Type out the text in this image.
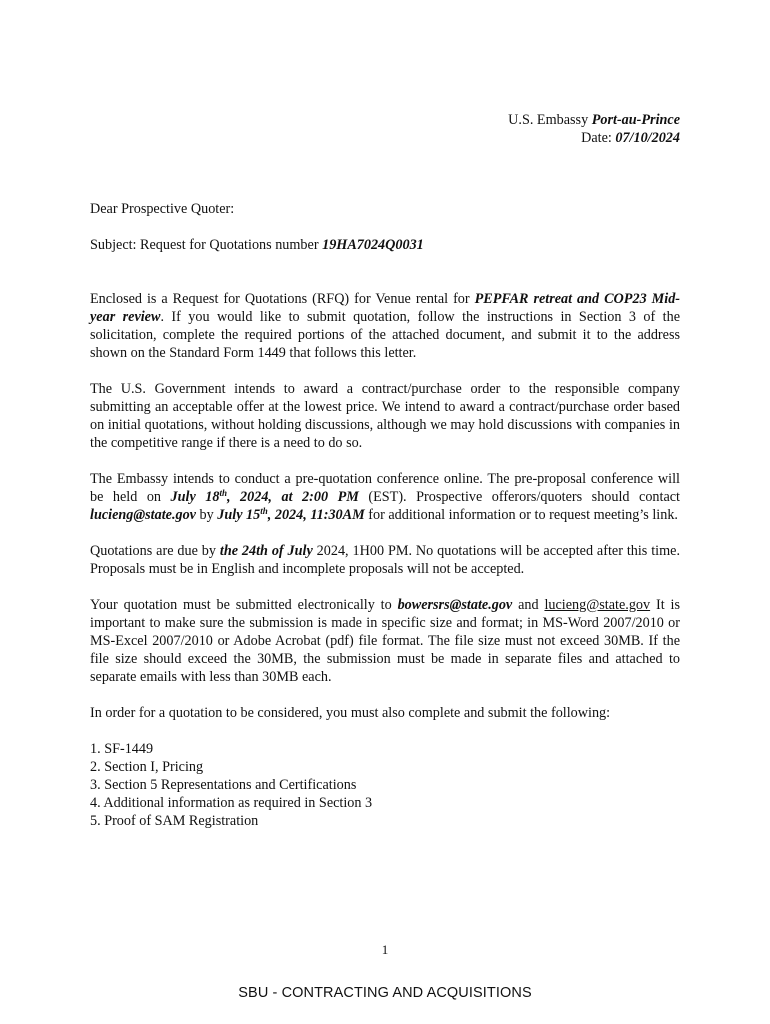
U.S. Embassy Port-au-Prince
Date: 07/10/2024

Dear Prospective Quoter:

Subject: Request for Quotations number 19HA7024Q0031

Enclosed is a Request for Quotations (RFQ) for Venue rental for PEPFAR retreat and COP23 Mid-year review. If you would like to submit quotation, follow the instructions in Section 3 of the solicitation, complete the required portions of the attached document, and submit it to the address shown on the Standard Form 1449 that follows this letter.

The U.S. Government intends to award a contract/purchase order to the responsible company submitting an acceptable offer at the lowest price. We intend to award a contract/purchase order based on initial quotations, without holding discussions, although we may hold discussions with companies in the competitive range if there is a need to do so.

The Embassy intends to conduct a pre-quotation conference online. The pre-proposal conference will be held on July 18th, 2024, at 2:00 PM (EST). Prospective offerors/quoters should contact lucieng@state.gov by July 15th, 2024, 11:30AM for additional information or to request meeting’s link.

Quotations are due by the 24th of July 2024, 1H00 PM. No quotations will be accepted after this time. Proposals must be in English and incomplete proposals will not be accepted.

Your quotation must be submitted electronically to bowersrs@state.gov and lucieng@state.gov It is important to make sure the submission is made in specific size and format; in MS-Word 2007/2010 or MS-Excel 2007/2010 or Adobe Acrobat (pdf) file format. The file size must not exceed 30MB. If the file size should exceed the 30MB, the submission must be made in separate files and attached to separate emails with less than 30MB each.

In order for a quotation to be considered, you must also complete and submit the following:

1. SF-1449
2. Section I, Pricing
3. Section 5 Representations and Certifications
4. Additional information as required in Section 3
5. Proof of SAM Registration
1
SBU - CONTRACTING AND ACQUISITIONS
